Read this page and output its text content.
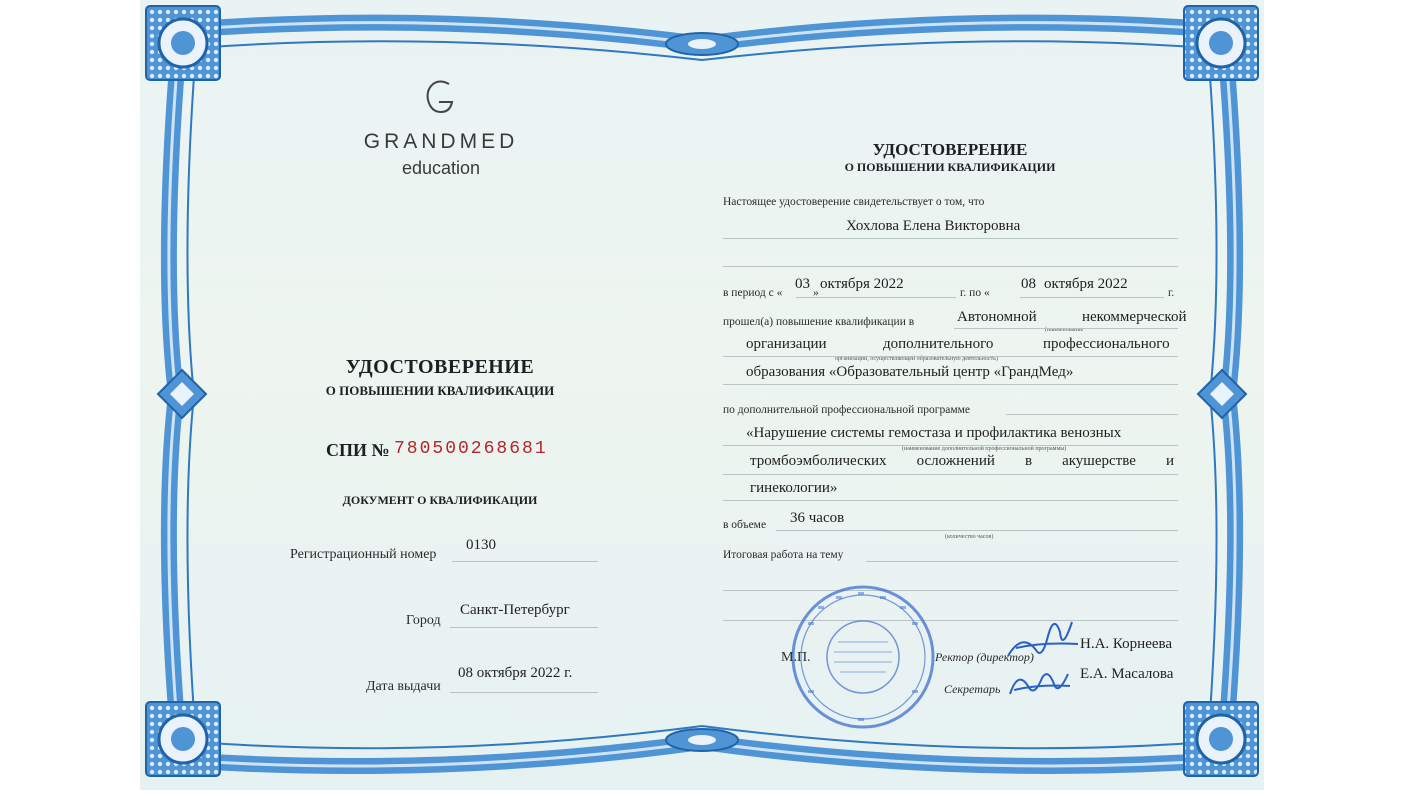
GRANDMED
education
УДОСТОВЕРЕНИЕ
О ПОВЫШЕНИИ КВАЛИФИКАЦИИ
СПИ № 780500268681
ДОКУМЕНТ О КВАЛИФИКАЦИИ
Регистрационный номер
0130
Город
Санкт-Петербург
Дата выдачи
08 октября 2022 г.
УДОСТОВЕРЕНИЕ
О ПОВЫШЕНИИ КВАЛИФИКАЦИИ
Настоящее удостоверение свидетельствует о том, что
Хохлова Елена Викторовна
в период с «
03
»
октября 2022
г. по «
08 октября 2022
г.
прошел(а) повышение квалификации в	Автономной	некоммерческой
(наименование
организации	дополнительного	профессионального
организации, осуществляющей образовательную деятельность)
образования «Образовательный центр «ГрандМед»
по дополнительной профессиональной программе
«Нарушение системы гемостаза и профилактика венозных
(наименование дополнительной профессиональной программы)
тромбоэмболических осложнений в акушерстве и
гинекологии»
в объеме 36 часов
(количество часов)
Итоговая работа на тему
М.П.	Ректор (директор)
Н.А. Корнеева
Секретарь
Е.А. Масалова
